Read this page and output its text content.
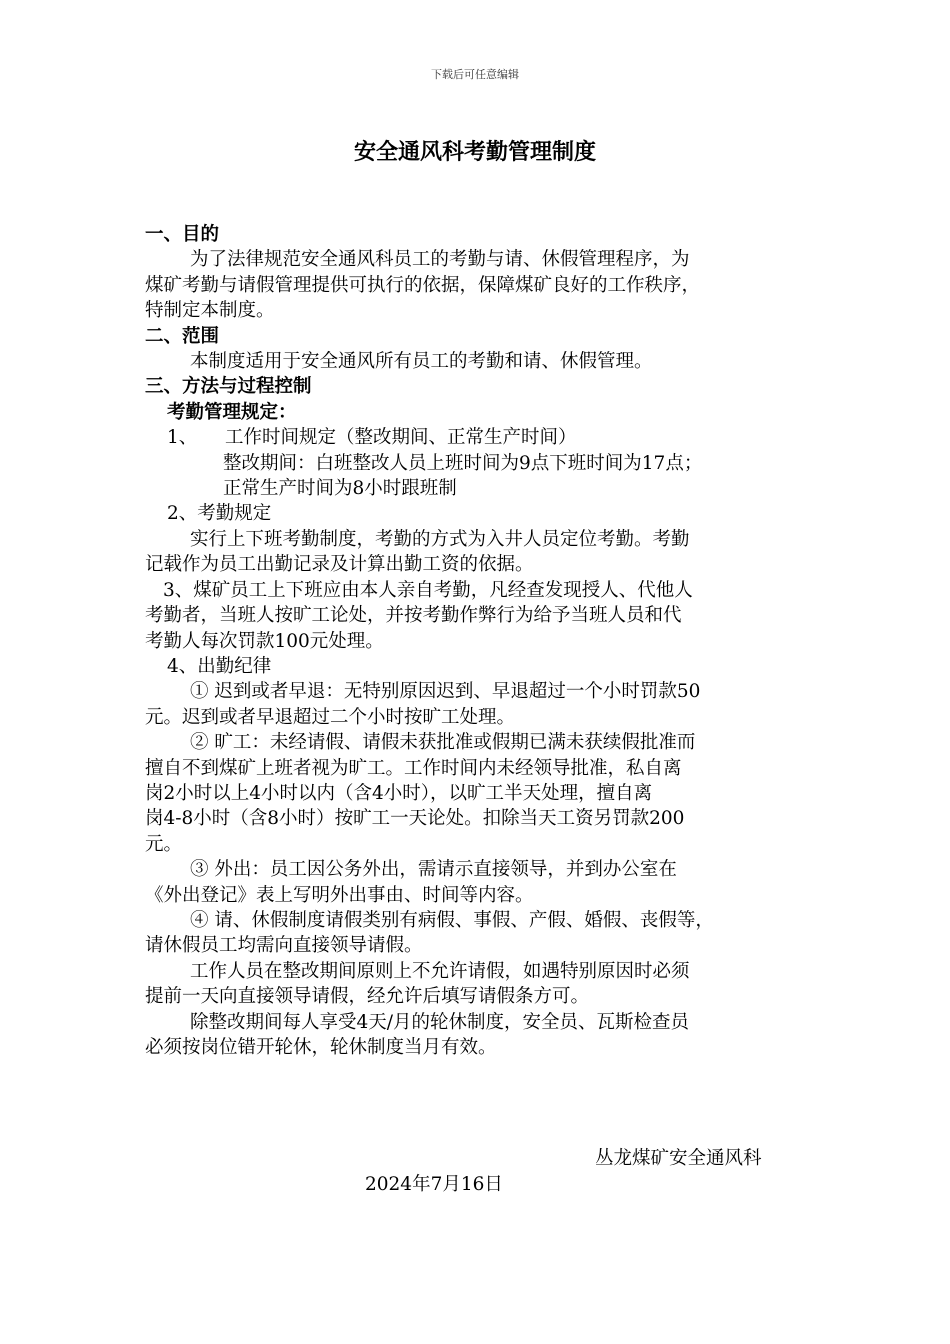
下载后可任意编辑
安全通风科考勤管理制度
一、目的
为了法律规范安全通风科员工的考勤与请、休假管理程序，为
煤矿考勤与请假管理提供可执行的依据，保障煤矿良好的工作秩序，
特制定本制度。
二、范围
本制度适用于安全通风所有员工的考勤和请、休假管理。
三、方法与过程控制
考勤管理规定：
1、 工作时间规定（整改期间、正常生产时间）
整改期间：白班整改人员上班时间为9点下班时间为17点；
正常生产时间为8小时跟班制
2、考勤规定
实行上下班考勤制度，考勤的方式为入井人员定位考勤。考勤
记载作为员工出勤记录及计算出勤工资的依据。
3、煤矿员工上下班应由本人亲自考勤，凡经查发现授人、代他人
考勤者，当班人按旷工论处，并按考勤作弊行为给予当班人员和代
考勤人每次罚款100元处理。
4、出勤纪律
① 迟到或者早退：无特别原因迟到、早退超过一个小时罚款50
元。迟到或者早退超过二个小时按旷工处理。
② 旷工：未经请假、请假未获批准或假期已满未获续假批准而
擅自不到煤矿上班者视为旷工。工作时间内未经领导批准，私自离
岗2小时以上4小时以内（含4小时），以旷工半天处理，擅自离
岗4-8小时（含8小时）按旷工一天论处。扣除当天工资另罚款200
元。
③ 外出：员工因公务外出，需请示直接领导，并到办公室在
《外出登记》表上写明外出事由、时间等内容。
④ 请、休假制度请假类别有病假、事假、产假、婚假、丧假等，
请休假员工均需向直接领导请假。
工作人员在整改期间原则上不允许请假，如遇特别原因时必须
提前一天向直接领导请假，经允许后填写请假条方可。
除整改期间每人享受4天/月的轮休制度，安全员、瓦斯检查员
必须按岗位错开轮休，轮休制度当月有效。
丛龙煤矿安全通风科
2024年7月16日
